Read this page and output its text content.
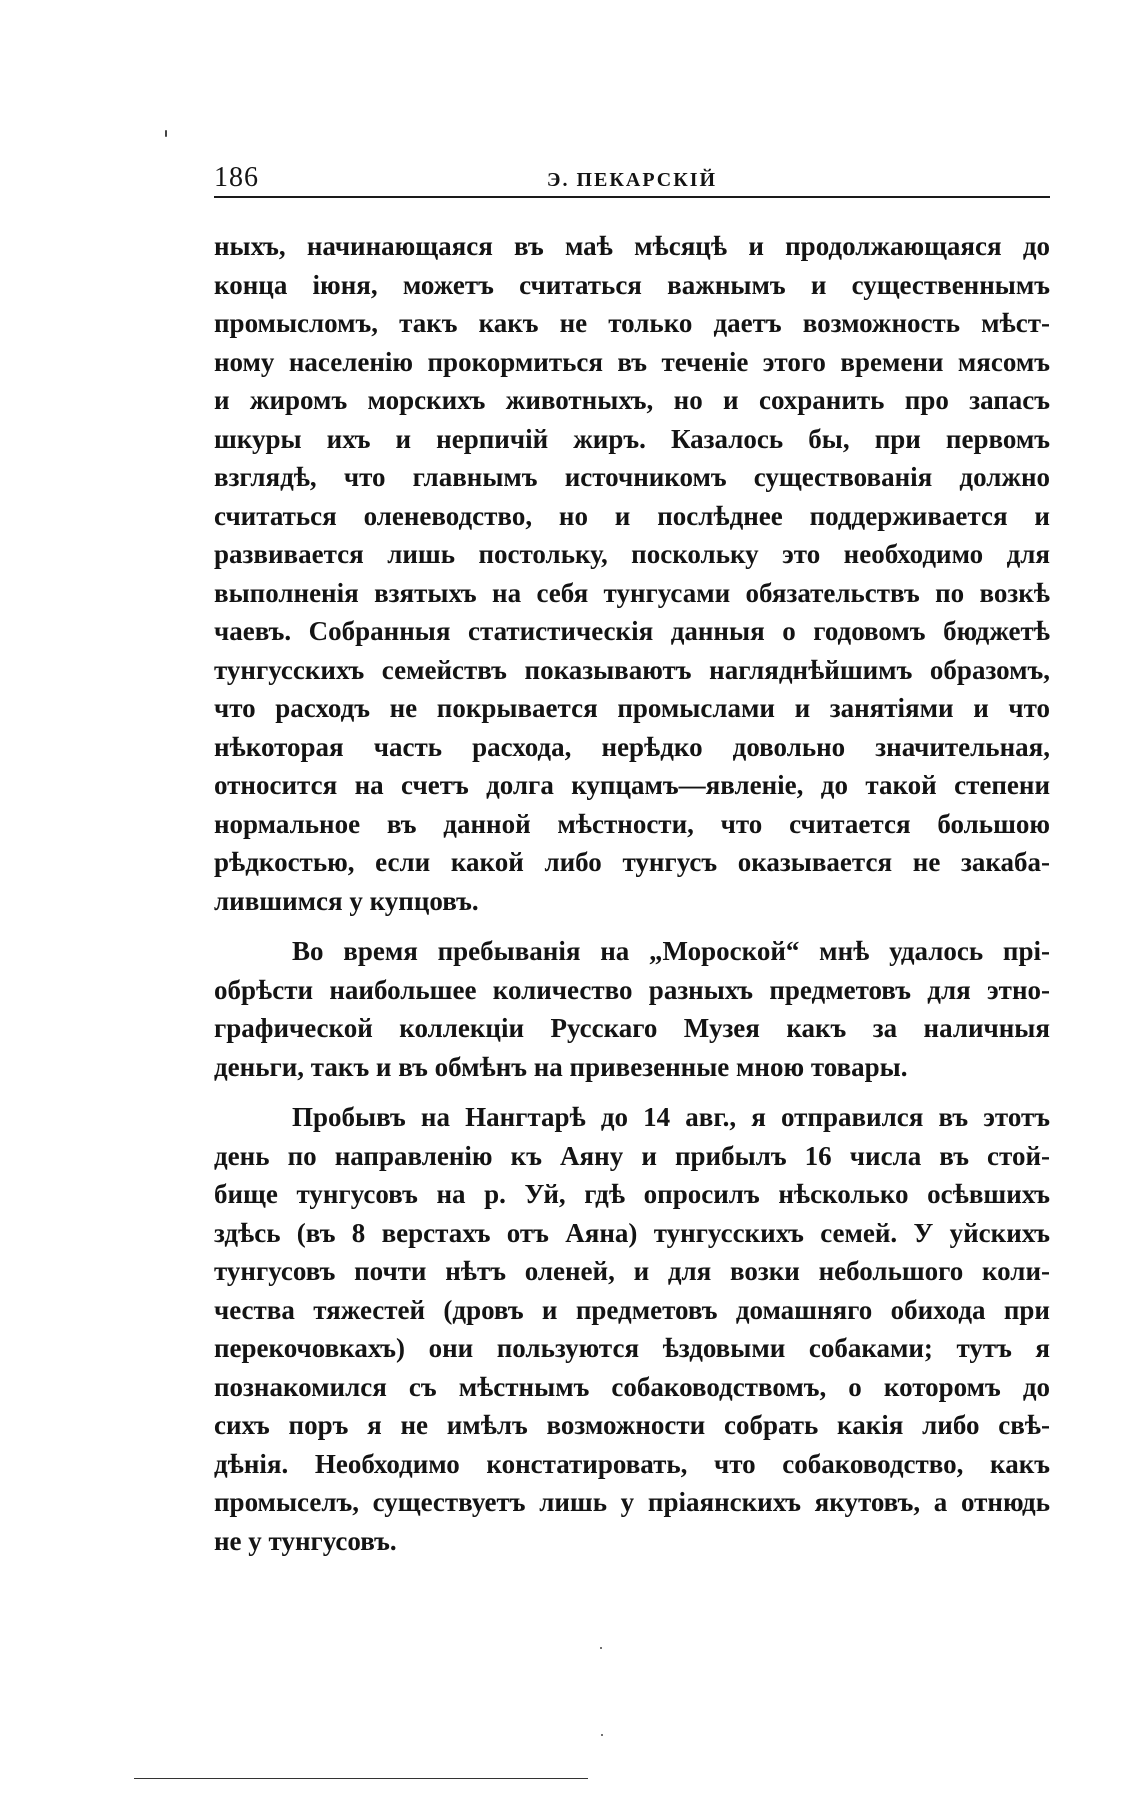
186	Э. ПЕКАРСКІЙ
ныхъ, начинающаяся въ маѣ мѣсяцѣ и продолжающаяся до
конца іюня, можетъ считаться важнымъ и существеннымъ
промысломъ, такъ какъ не только даетъ возможность мѣст-
ному населенію прокормиться въ теченіе этого времени мясомъ
и жиромъ морскихъ животныхъ, но и сохранить про запасъ
шкуры ихъ и нерпичій жиръ. Казалось бы, при первомъ
взглядѣ, что главнымъ источникомъ существованія должно
считаться оленеводство, но и послѣднее поддерживается и
развивается лишь постольку, поскольку это необходимо для
выполненія взятыхъ на себя тунгусами обязательствъ по возкѣ
чаевъ. Собранныя статистическія данныя о годовомъ бюджетѣ
тунгусскихъ семействъ показываютъ нагляднѣйшимъ образомъ,
что расходъ не покрывается промыслами и занятіями и что
нѣкоторая часть расхода, нерѣдко довольно значительная,
относится на счетъ долга купцамъ—явленіе, до такой степени
нормальное въ данной мѣстности, что считается большою
рѣдкостью, если какой либо тунгусъ оказывается не закаба-
лившимся у купцовъ.
Во время пребыванія на „Мороской“ мнѣ удалось прі-
обрѣсти наибольшее количество разныхъ предметовъ для этно-
графической коллекціи Русскаго Музея какъ за наличныя
деньги, такъ и въ обмѣнъ на привезенные мною товары.
Пробывъ на Нангтарѣ до 14 авг., я отправился въ этотъ
день по направленію къ Аяну и прибылъ 16 числа въ стой-
бище тунгусовъ на р. Уй, гдѣ опросилъ нѣсколько осѣвшихъ
здѣсь (въ 8 верстахъ отъ Аяна) тунгусскихъ семей. У уйскихъ
тунгусовъ почти нѣтъ оленей, и для возки небольшого коли-
чества тяжестей (дровъ и предметовъ домашняго обихода при
перекочовкахъ) они пользуются ѣздовыми собаками; тутъ я
познакомился съ мѣстнымъ собаководствомъ, о которомъ до
сихъ поръ я не имѣлъ возможности собрать какія либо свѣ-
дѣнія. Необходимо констатировать, что собаководство, какъ
промыселъ, существуетъ лишь у пріаянскихъ якутовъ, а отнюдь
не у тунгусовъ.
